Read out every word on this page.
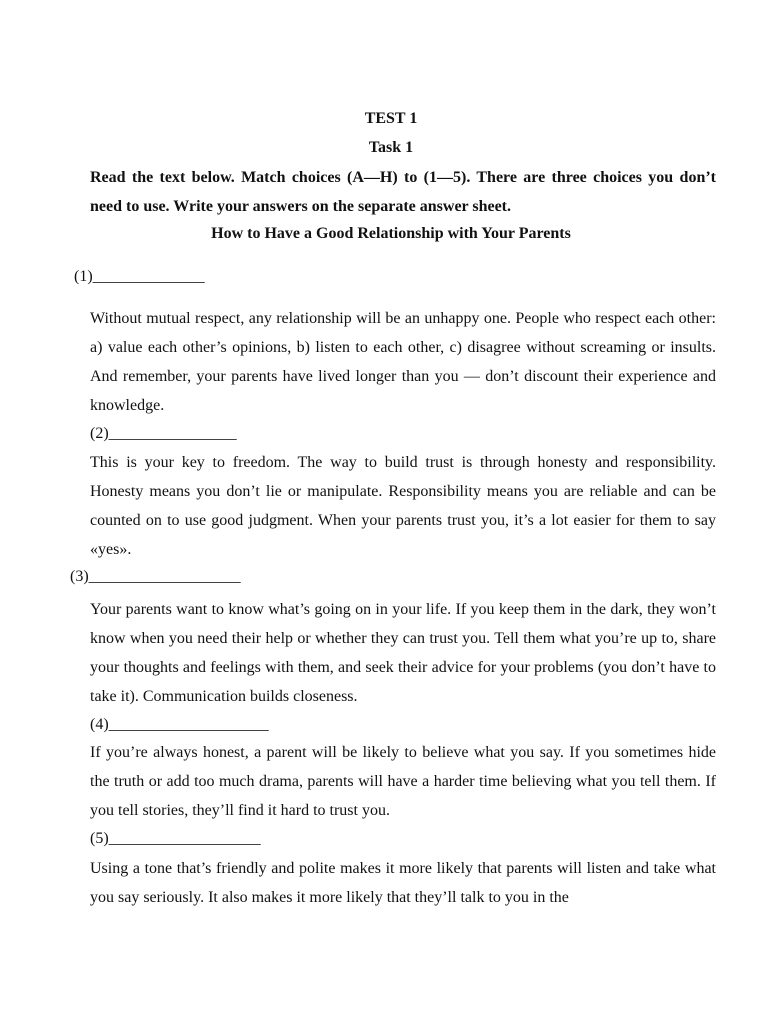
TEST 1
Task 1
Read the text below. Match choices (A—H) to (1—5). There are three choices you don’t need to use. Write your answers on the separate answer sheet.
How to Have a Good Relationship with Your Parents
(1)______________
Without mutual respect, any relationship will be an unhappy one. People who respect each other: a) value each other’s opinions, b) listen to each other, c) disagree without screaming or insults. And remember, your parents have lived longer than you — don’t discount their experience and knowledge.
(2)________________
This is your key to freedom. The way to build trust is through honesty and responsibility. Honesty means you don’t lie or manipulate. Responsibility means you are reliable and can be counted on to use good judgment. When your parents trust you, it’s a lot easier for them to say «yes».
(3)___________________
Your parents want to know what’s going on in your life. If you keep them in the dark, they won’t know when you need their help or whether they can trust you. Tell them what you’re up to, share your thoughts and feelings with them, and seek their advice for your problems (you don’t have to take it). Communication builds closeness.
(4)____________________
If you’re always honest, a parent will be likely to believe what you say. If you sometimes hide the truth or add too much drama, parents will have a harder time believing what you tell them. If you tell stories, they’ll find it hard to trust you.
(5)___________________
Using a tone that’s friendly and polite makes it more likely that parents will listen and take what you say seriously. It also makes it more likely that they’ll talk to you in the
